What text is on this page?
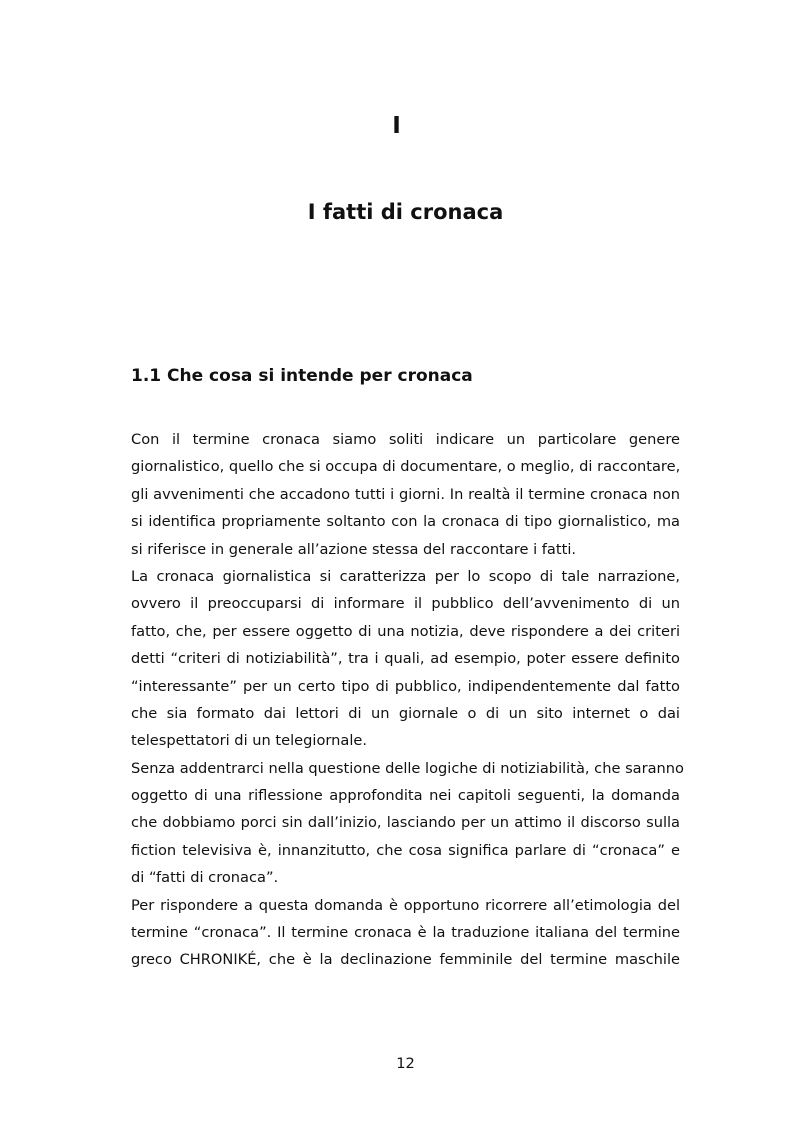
I
I fatti di cronaca
1.1 Che cosa si intende per cronaca
Con il termine cronaca siamo soliti indicare un particolare genere
giornalistico, quello che si occupa di documentare, o meglio, di raccontare,
gli avvenimenti che accadono tutti i giorni. In realtà il termine cronaca non
si identifica propriamente soltanto con la cronaca di tipo giornalistico, ma
si riferisce in generale all’azione stessa del raccontare i fatti.
La cronaca giornalistica si caratterizza per lo scopo di tale narrazione,
ovvero il preoccuparsi di informare il pubblico dell’avvenimento di un
fatto, che, per essere oggetto di una notizia, deve rispondere a dei criteri
detti “criteri di notiziabilità”, tra i quali, ad esempio, poter essere definito
“interessante” per un certo tipo di pubblico, indipendentemente dal fatto
che sia formato dai lettori di un giornale o di un sito internet o dai
telespettatori di un telegiornale.
Senza addentrarci nella questione delle logiche di notiziabilità, che saranno
oggetto di una riflessione approfondita nei capitoli seguenti, la domanda
che dobbiamo porci sin dall’inizio, lasciando per un attimo il discorso sulla
fiction televisiva è, innanzitutto, che cosa significa parlare di “cronaca” e
di “fatti di cronaca”.
Per rispondere a questa domanda è opportuno ricorrere all’etimologia del
termine “cronaca”. Il termine cronaca è la traduzione italiana del termine
greco CHRONIKÉ, che è la declinazione femminile del termine maschile
12
